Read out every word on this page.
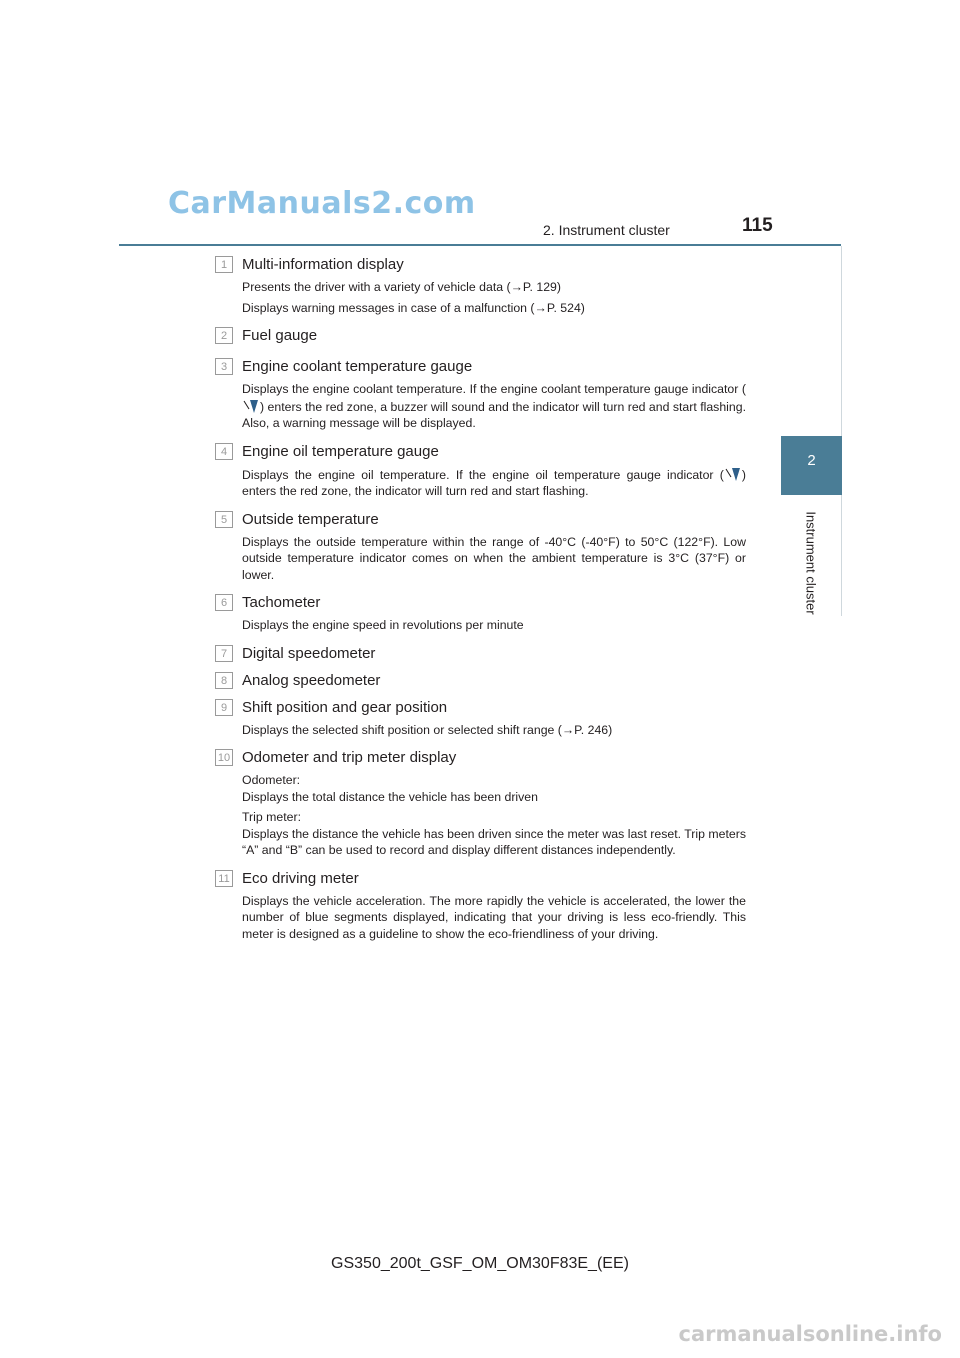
CarManuals2.com
2. Instrument cluster	115
2
Instrument cluster
1 Multi-information display

Presents the driver with a variety of vehicle data (→P. 129)

Displays warning messages in case of a malfunction (→P. 524)

2 Fuel gauge
3 Engine coolant temperature gauge

Displays the engine coolant temperature. If the engine coolant temperature gauge indicator () enters the red zone, a buzzer will sound and the indicator will turn red and start flashing. Also, a warning message will be displayed.

4 Engine oil temperature gauge

Displays the engine oil temperature. If the engine oil temperature gauge indicator ( ) enters the red zone, the indicator will turn red and start flashing.

5 Outside temperature

Displays the outside temperature within the range of -40°C (-40°F) to 50°C (122°F). Low outside temperature indicator comes on when the ambient temperature is 3°C (37°F) or lower.

6 Tachometer

Displays the engine speed in revolutions per minute

7 Digital speedometer
8 Analog speedometer
9 Shift position and gear position

Displays the selected shift position or selected shift range (→P. 246)

10 Odometer and trip meter display

Odometer:
Displays the total distance the vehicle has been driven

Trip meter:
Displays the distance the vehicle has been driven since the meter was last reset. Trip meters “A” and “B” can be used to record and display different distances independently.

11 Eco driving meter

Displays the vehicle acceleration. The more rapidly the vehicle is accelerated, the lower the number of blue segments displayed, indicating that your driving is less eco-friendly. This meter is designed as a guideline to show the eco-friendliness of your driving.

GS350_200t_GSF_OM_OM30F83E_(EE)
carmanualsonline.info
